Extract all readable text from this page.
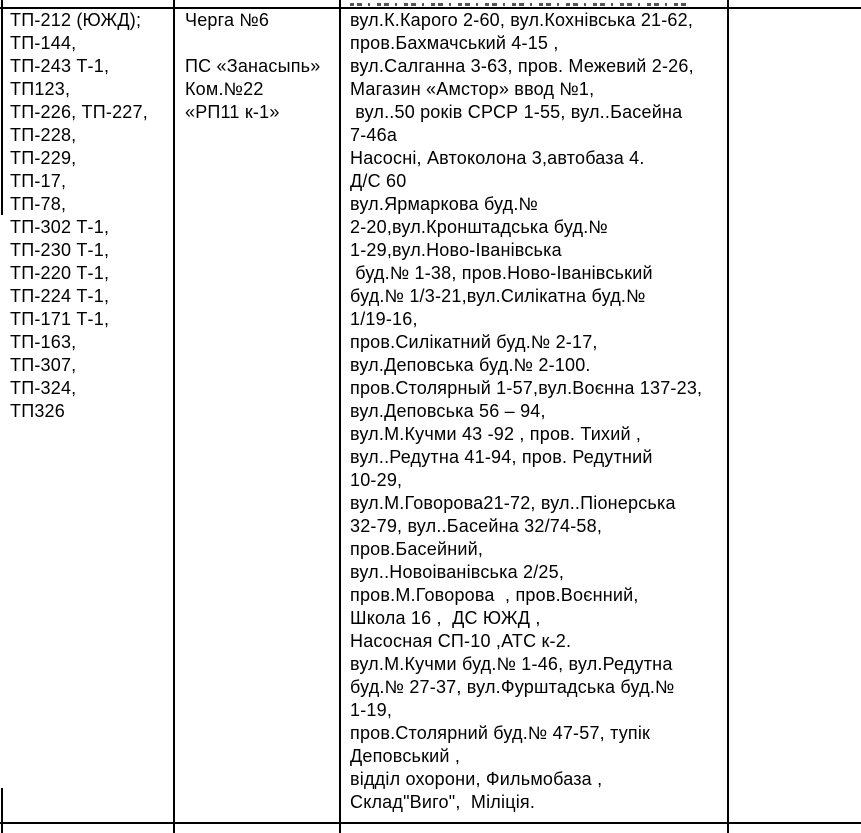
ТП-212 (ЮЖД);
ТП-144,
ТП-243 Т-1,
ТП123,
ТП-226, ТП-227,
ТП-228,
ТП-229,
ТП-17,
ТП-78,
ТП-302 Т-1,
ТП-230 Т-1,
ТП-220 Т-1,
ТП-224 Т-1,
ТП-171 Т-1,
ТП-163,
ТП-307,
ТП-324,
ТП326
Черга №6

ПС «Занасыпь»
Ком.№22
«РП11 к-1»
вул.К.Карого 2-60, вул.Кохнівська 21-62,
пров.Бахмачський 4-15 ,
вул.Салганна 3-63, пров. Межевий 2-26,
Магазин «Амстор» ввод №1,
вул..50 років СРСР 1-55, вул..Басейна
7-46а
Насосні, Автоколона 3,автобаза 4.
Д/С 60
вул.Ярмаркова буд.№
2-20,вул.Кронштадська буд.№
1-29,вул.Ново-Іванівська
буд.№ 1-38, пров.Ново-Іванівський
буд.№ 1/3-21,вул.Силікатна буд.№
1/19-16,
пров.Силікатний буд.№ 2-17,
вул.Деповська буд.№ 2-100.
пров.Столярный 1-57,вул.Воєнна 137-23,
вул.Деповська 56 – 94,
вул.М.Кучми 43 -92 , пров. Тихий ,
вул..Редутна 41-94, пров. Редутний
10-29,
вул.М.Говорова21-72, вул..Піонерська
32-79, вул..Басейна 32/74-58,
пров.Басейний,
вул..Новоіванівська 2/25,
пров.М.Говорова  , пров.Воєнний,
Школа 16 ,  ДС ЮЖД ,
Насосная СП-10 ,АТС к-2.
вул.М.Кучми буд.№ 1-46, вул.Редутна
буд.№ 27-37, вул.Фурштадська буд.№
1-19,
пров.Столярний буд.№ 47-57, тупік
Деповський ,
відділ охорони, Фильмобаза ,
Склад"Виго",  Міліція.
